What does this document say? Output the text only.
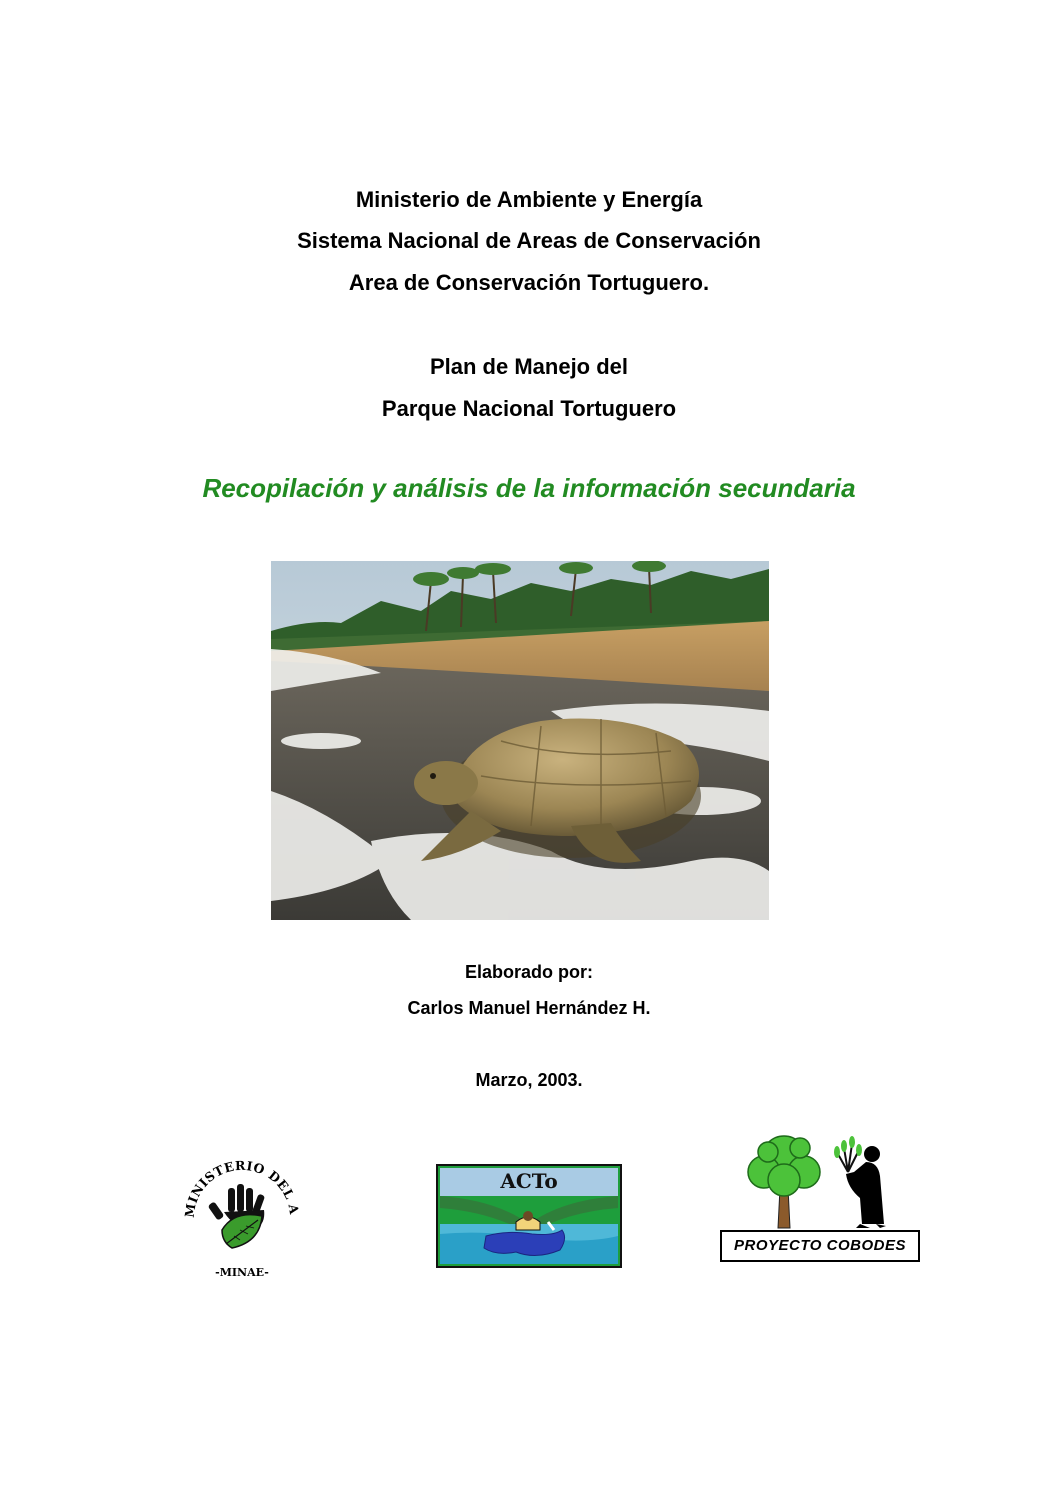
Ministerio de Ambiente y Energía
Sistema Nacional de Areas de Conservación
Area de Conservación Tortuguero.
Plan de Manejo del
Parque Nacional Tortuguero
Recopilación y análisis de la información secundaria
Elaborado por:
Carlos Manuel Hernández H.
Marzo, 2003.
MINISTERIO DEL A
-MINAE-
ACTo
PROYECTO COBODES
